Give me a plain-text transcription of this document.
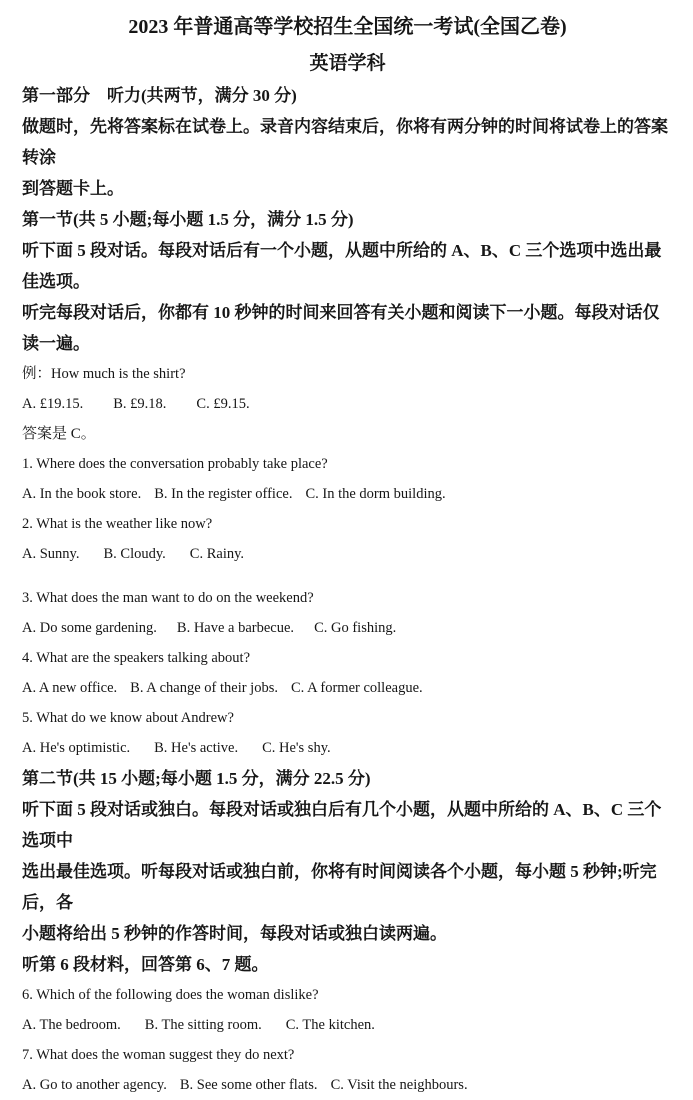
2023 年普通高等学校招生全国统一考试(全国乙卷)

英语学科

第一部分　听力(共两节，满分 30 分)

做题时，先将答案标在试卷上。录音内容结束后，你将有两分钟的时间将试卷上的答案转涂

到答题卡上。

第一节(共 5 小题;每小题 1.5 分，满分 1.5 分)

听下面 5 段对话。每段对话后有一个小题，从题中所给的 A、B、C 三个选项中选出最佳选项。

听完每段对话后，你都有 10 秒钟的时间来回答有关小题和阅读下一小题。每段对话仅读一遍。

例：How much is the shirt?

A. £19.15. B. £9.18. C. £9.15.

答案是 C。

1. Where does the conversation probably take place?

A. In the book store. B. In the register office. C. In the dorm building.

2. What is the weather like now?

A. Sunny. B. Cloudy. C. Rainy.

3. What does the man want to do on the weekend?

A. Do some gardening. B. Have a barbecue. C. Go fishing.

4. What are the speakers talking about?

A. A new office. B. A change of their jobs. C. A former colleague.

5. What do we know about Andrew?

A. He's optimistic. B. He's active. C. He's shy.

第二节(共 15 小题;每小题 1.5 分，满分 22.5 分)

听下面 5 段对话或独白。每段对话或独白后有几个小题，从题中所给的 A、B、C 三个选项中

选出最佳选项。听每段对话或独白前，你将有时间阅读各个小题，每小题 5 秒钟;听完后，各

小题将给出 5 秒钟的作答时间，每段对话或独白读两遍。

听第 6 段材料，回答第 6、7 题。

6. Which of the following does the woman dislike?

A. The bedroom. B. The sitting room. C. The kitchen.

7. What does the woman suggest they do next?

A. Go to another agency. B. See some other flats. C. Visit the neighbours.
